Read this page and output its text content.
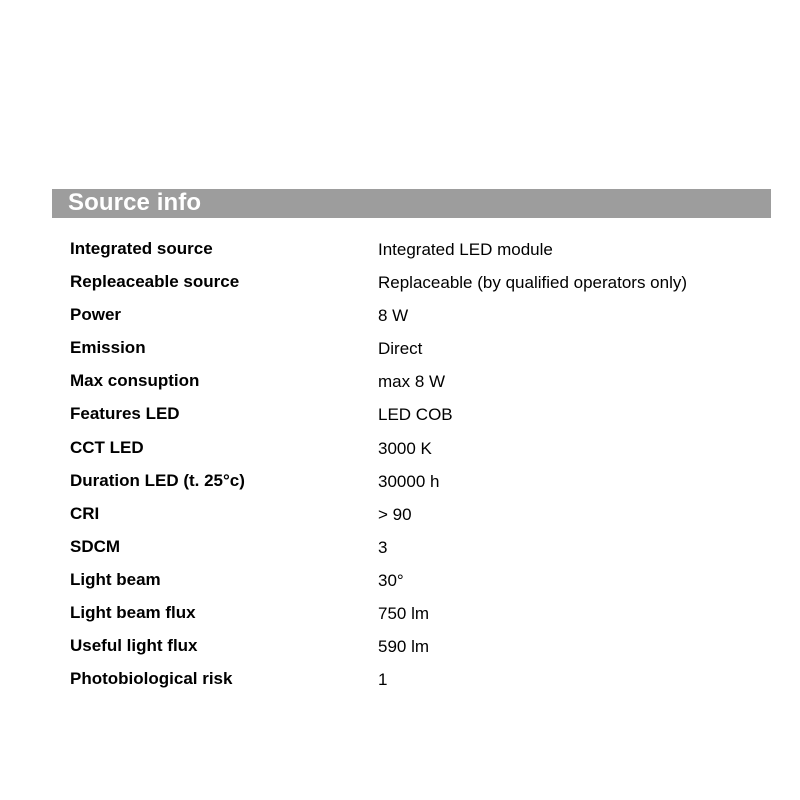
Source info
Integrated source	Integrated LED module
Repleaceable source	Replaceable (by qualified operators only)
Power	8 W
Emission	Direct
Max consuption	max 8 W
Features LED	LED COB
CCT LED	3000 K
Duration LED (t. 25°c)	30000 h
CRI	> 90
SDCM	3
Light beam	30°
Light beam flux	750 lm
Useful light flux	590 lm
Photobiological risk	1
